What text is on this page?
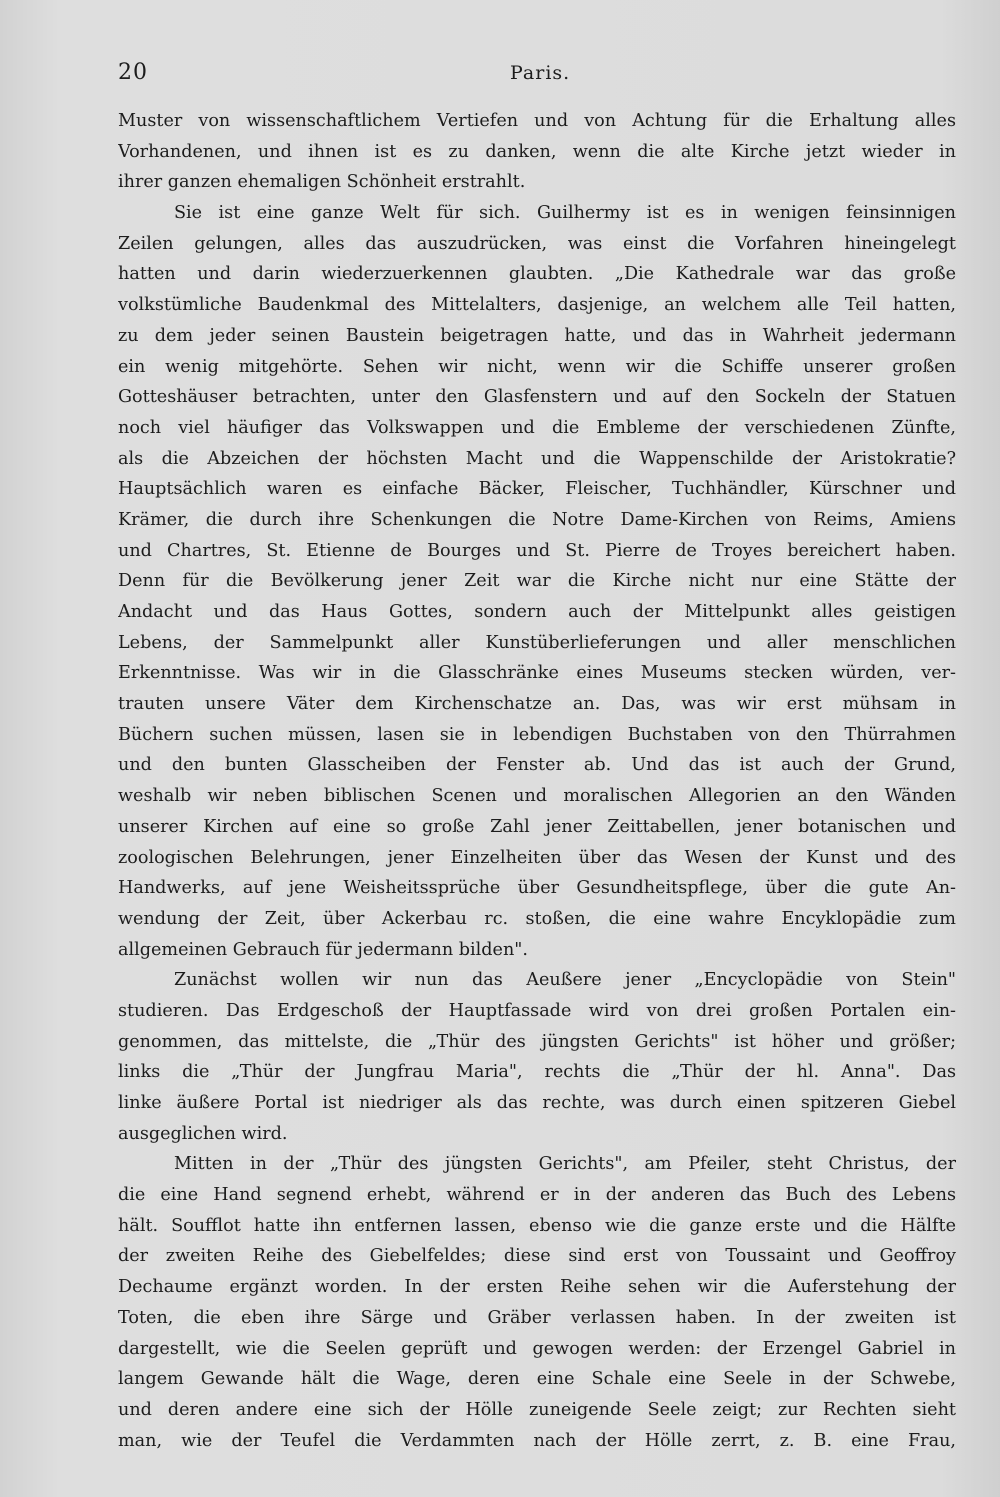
20	Paris.
Muster von wissenschaftlichem Vertiefen und von Achtung für die Erhaltung alles
Vorhandenen, und ihnen ist es zu danken, wenn die alte Kirche jetzt wieder in
ihrer ganzen ehemaligen Schönheit erstrahlt.
Sie ist eine ganze Welt für sich. Guilhermy ist es in wenigen feinsinnigen
Zeilen gelungen, alles das auszudrücken, was einst die Vorfahren hineingelegt
hatten und darin wiederzuerkennen glaubten. „Die Kathedrale war das große
volkstümliche Baudenkmal des Mittelalters, dasjenige, an welchem alle Teil hatten,
zu dem jeder seinen Baustein beigetragen hatte, und das in Wahrheit jedermann
ein wenig mitgehörte. Sehen wir nicht, wenn wir die Schiffe unserer großen
Gotteshäuser betrachten, unter den Glasfenstern und auf den Sockeln der Statuen
noch viel häufiger das Volkswappen und die Embleme der verschiedenen Zünfte,
als die Abzeichen der höchsten Macht und die Wappenschilde der Aristokratie?
Hauptsächlich waren es einfache Bäcker, Fleischer, Tuchhändler, Kürschner und
Krämer, die durch ihre Schenkungen die Notre Dame-Kirchen von Reims, Amiens
und Chartres, St. Etienne de Bourges und St. Pierre de Troyes bereichert haben.
Denn für die Bevölkerung jener Zeit war die Kirche nicht nur eine Stätte der
Andacht und das Haus Gottes, sondern auch der Mittelpunkt alles geistigen
Lebens, der Sammelpunkt aller Kunstüberlieferungen und aller menschlichen
Erkenntnisse. Was wir in die Glasschränke eines Museums stecken würden, ver-
trauten unsere Väter dem Kirchenschatze an. Das, was wir erst mühsam in
Büchern suchen müssen, lasen sie in lebendigen Buchstaben von den Thürrahmen
und den bunten Glasscheiben der Fenster ab. Und das ist auch der Grund,
weshalb wir neben biblischen Scenen und moralischen Allegorien an den Wänden
unserer Kirchen auf eine so große Zahl jener Zeittabellen, jener botanischen und
zoologischen Belehrungen, jener Einzelheiten über das Wesen der Kunst und des
Handwerks, auf jene Weisheitssprüche über Gesundheitspflege, über die gute An-
wendung der Zeit, über Ackerbau rc. stoßen, die eine wahre Encyklopädie zum
allgemeinen Gebrauch für jedermann bilden".
Zunächst wollen wir nun das Aeußere jener „Encyclopädie von Stein"
studieren. Das Erdgeschoß der Hauptfassade wird von drei großen Portalen ein-
genommen, das mittelste, die „Thür des jüngsten Gerichts" ist höher und größer;
links die „Thür der Jungfrau Maria", rechts die „Thür der hl. Anna". Das
linke äußere Portal ist niedriger als das rechte, was durch einen spitzeren Giebel
ausgeglichen wird.
Mitten in der „Thür des jüngsten Gerichts", am Pfeiler, steht Christus, der
die eine Hand segnend erhebt, während er in der anderen das Buch des Lebens
hält. Soufflot hatte ihn entfernen lassen, ebenso wie die ganze erste und die Hälfte
der zweiten Reihe des Giebelfeldes; diese sind erst von Toussaint und Geoffroy
Dechaume ergänzt worden. In der ersten Reihe sehen wir die Auferstehung der
Toten, die eben ihre Särge und Gräber verlassen haben. In der zweiten ist
dargestellt, wie die Seelen geprüft und gewogen werden: der Erzengel Gabriel in
langem Gewande hält die Wage, deren eine Schale eine Seele in der Schwebe,
und deren andere eine sich der Hölle zuneigende Seele zeigt; zur Rechten sieht
man, wie der Teufel die Verdammten nach der Hölle zerrt, z. B. eine Frau,
